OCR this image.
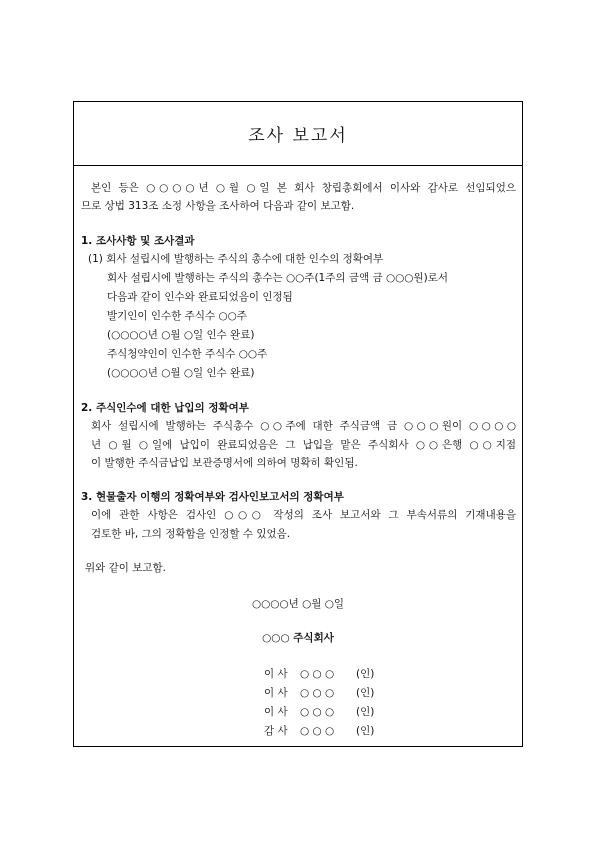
조사 보고서
본인 등은 ○○○○년 ○월 ○일 본 회사 창립총회에서 이사와 감사로 선임되었으
므로 상법 313조 소정 사항을 조사하여 다음과 같이 보고함.
1. 조사사항 및 조사결과
(1) 회사 설립시에 발행하는 주식의 총수에 대한 인수의 정확여부
회사 설립시에 발행하는 주식의 총수는 ○○주(1주의 금액 금 ○○○원)로서
다음과 같이 인수와 완료되었음이 인정됨
발기인이 인수한 주식수 ○○주
(○○○○년 ○월 ○일 인수 완료)
주식청약인이 인수한 주식수 ○○주
(○○○○년 ○월 ○일 인수 완료)
2. 주식인수에 대한 납입의 정확여부
회사 설립시에 발행하는 주식총수 ○○주에 대한 주식금액 금 ○○○원이 ○○○○
년 ○월 ○일에 납입이 완료되었음은 그 납입을 맡은 주식회사 ○○은행 ○○지점
이 발행한 주식금납입 보관증명서에 의하여 명확히 확인됨.
3. 현물출자 이행의 정확여부와 검사인보고서의 정확여부
이에 관한 사항은 검사인 ○○○ 작성의 조사 보고서와 그 부속서류의 기재내용을
검토한 바, 그의 정확함을 인정할 수 있었음.
위와 같이 보고함.
○○○○년 ○월 ○일
○○○ 주식회사
이 사 ○ ○ ○ (인)
이 사 ○ ○ ○ (인)
이 사 ○ ○ ○ (인)
감 사 ○ ○ ○ (인)
